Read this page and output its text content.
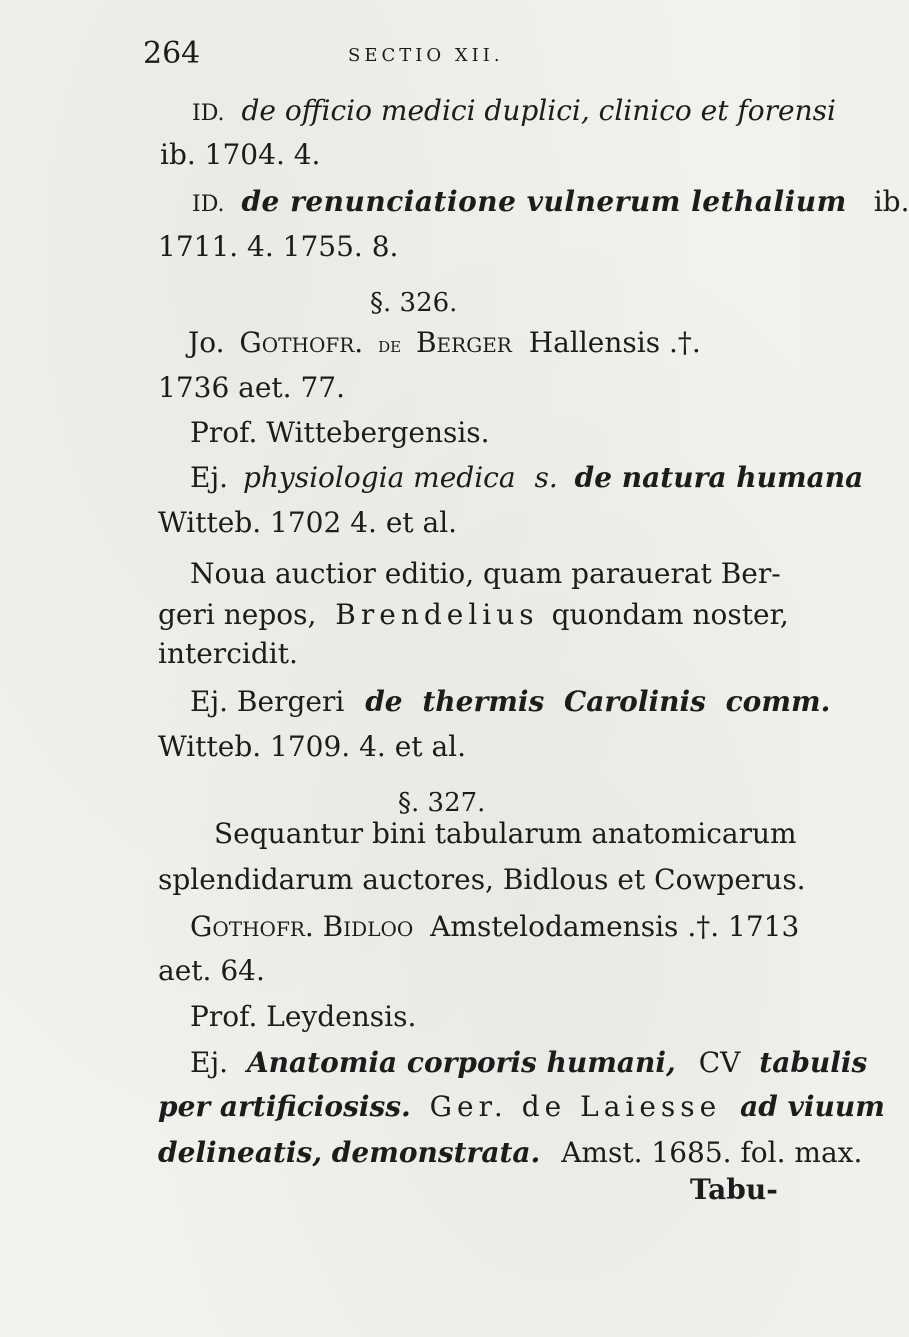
264	SECTIO XII.
ID. de officio medici duplici, clinico et forensi
ib. 1704. 4.
ID. de renunciatione vulnerum lethalium ib.
1711. 4. 1755. 8.
§. 326.
Jo. Gothofr. de Berger Hallensis .†.
1736 aet. 77.
Prof. Wittebergensis.
Ej. physiologia medica s. de natura humana
Witteb. 1702 4. et al.
Noua auctior editio, quam parauerat Ber-
geri nepos, Brendelius quondam noster,
intercidit.
Ej. Bergeri de thermis Carolinis comm.
Witteb. 1709. 4. et al.
§. 327.
Sequantur bini tabularum anatomicarum
splendidarum auctores, Bidlous et Cowperus.
Gothofr. Bidloo Amstelodamensis .†. 1713
aet. 64.
Prof. Leydensis.
Ej. Anatomia corporis humani, CV tabulis
per artificiosiss. Ger. de Laiesse ad viuum
delineatis, demonstrata. Amst. 1685. fol. max.
Tabu-
